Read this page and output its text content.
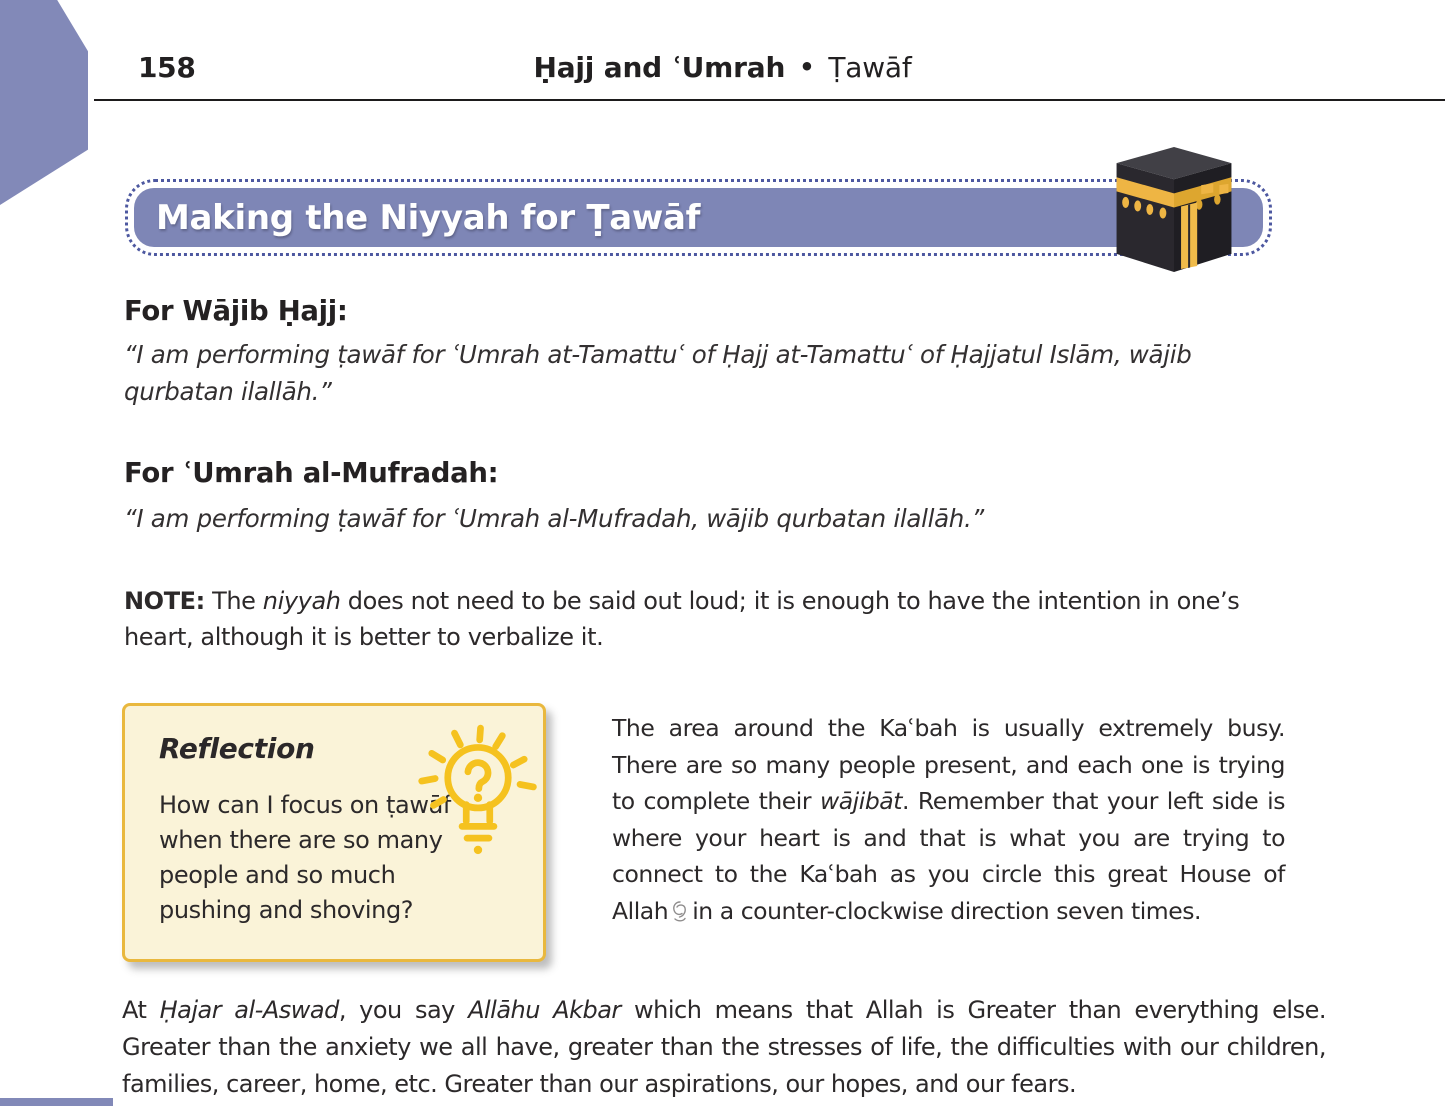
158	Ḥajj and ʿUmrah • Ṭawāf
Making the Niyyah for Ṭawāf
For Wājib Ḥajj:
“I am performing ṭawāf for ʿUmrah at-Tamattuʿ of Ḥajj at-Tamattuʿ of Ḥajjatul Islām, wājib qurbatan ilallāh.”
For ʿUmrah al-Mufradah:
“I am performing ṭawāf for ʿUmrah al-Mufradah, wājib qurbatan ilallāh.”
NOTE: The niyyah does not need to be said out loud; it is enough to have the intention in one’s heart, although it is better to verbalize it.
Reflection
How can I focus on ṭawāf when there are so many people and so much pushing and shoving?
The area around the Kaʿbah is usually extremely busy. There are so many people present, and each one is trying to complete their wājibāt. Remember that your left side is where your heart is and that is what you are trying to connect to the Kaʿbah as you circle this great House of Allah in a counter-clockwise direction seven times.
At Ḥajar al-Aswad, you say Allāhu Akbar which means that Allah is Greater than everything else. Greater than the anxiety we all have, greater than the stresses of life, the difficulties with our children, families, career, home, etc. Greater than our aspirations, our hopes, and our fears.
